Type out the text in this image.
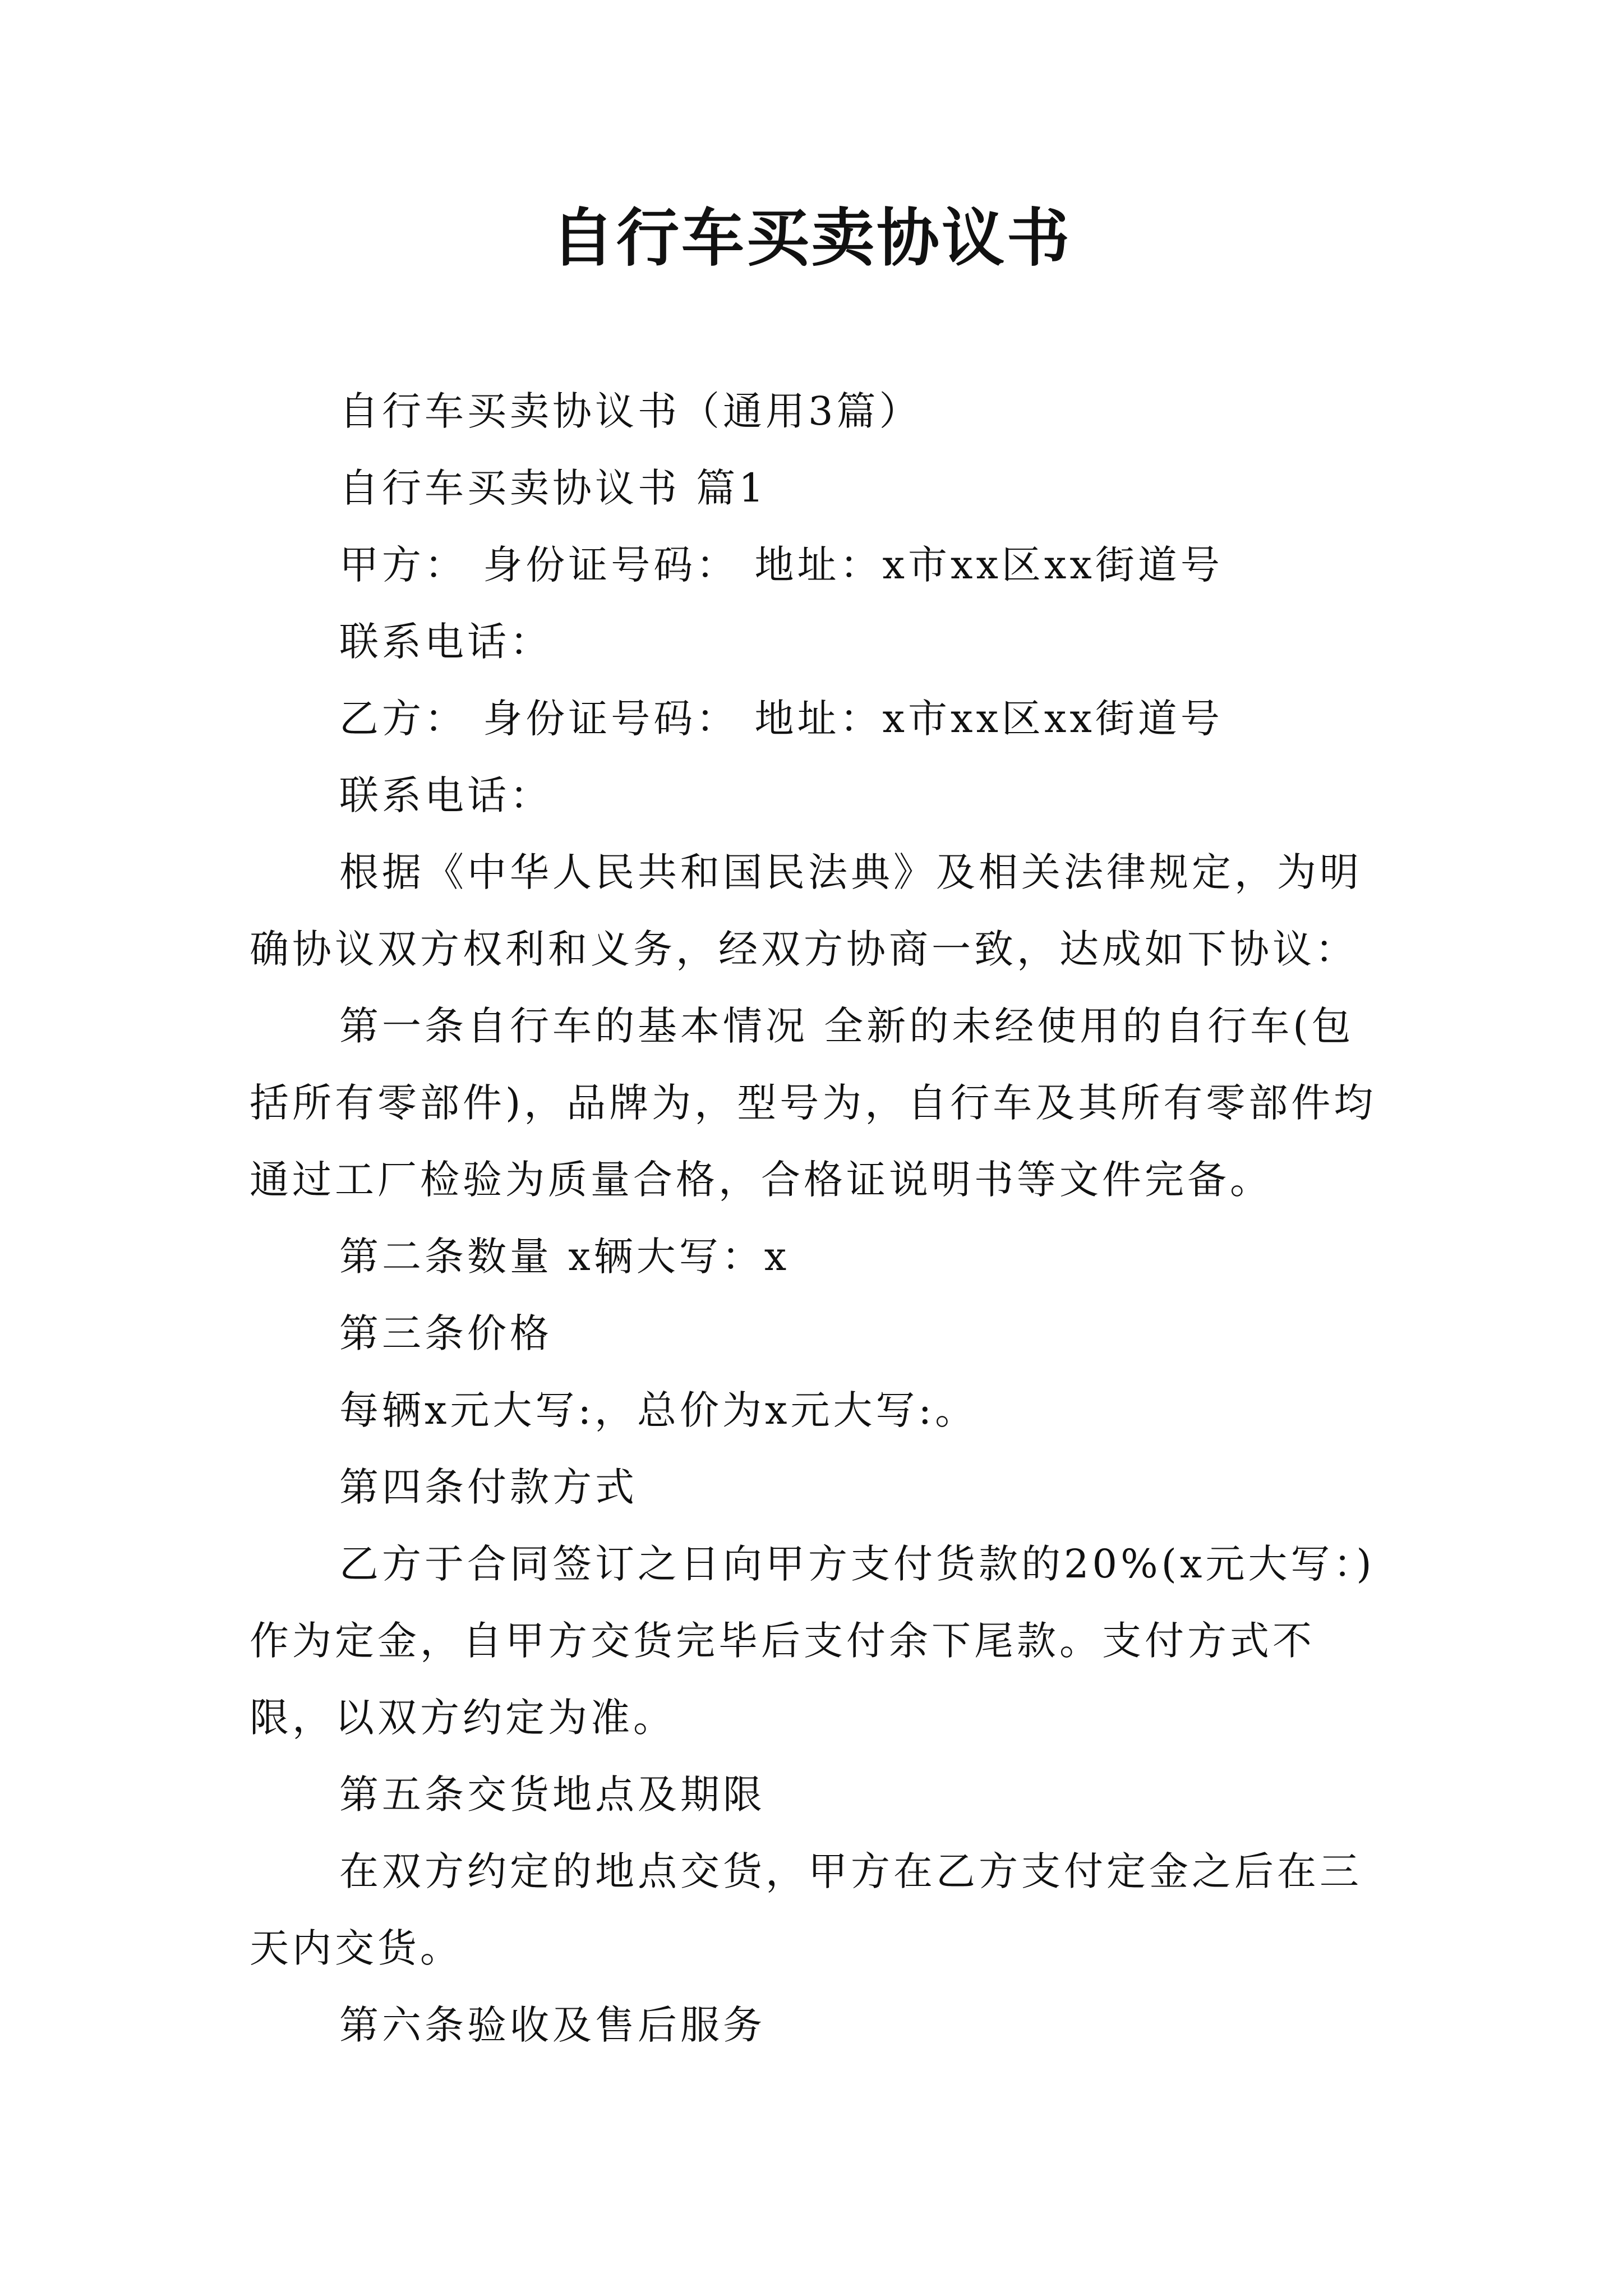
自行车买卖协议书

自行车买卖协议书（通用3篇）

自行车买卖协议书 篇1

甲方： 身份证号码： 地址：x市xx区xx街道号

联系电话：

乙方： 身份证号码： 地址：x市xx区xx街道号

联系电话：

根据《中华人民共和国民法典》及相关法律规定，为明确协议双方权利和义务，经双方协商一致，达成如下协议：

第一条自行车的基本情况 全新的未经使用的自行车(包括所有零部件)，品牌为，型号为，自行车及其所有零部件均通过工厂检验为质量合格，合格证说明书等文件完备。

第二条数量 x辆大写：x

第三条价格

每辆x元大写:，总价为x元大写:。

第四条付款方式

乙方于合同签订之日向甲方支付货款的20%(x元大写：)作为定金，自甲方交货完毕后支付余下尾款。支付方式不限，以双方约定为准。

第五条交货地点及期限

在双方约定的地点交货，甲方在乙方支付定金之后在三天内交货。

第六条验收及售后服务
